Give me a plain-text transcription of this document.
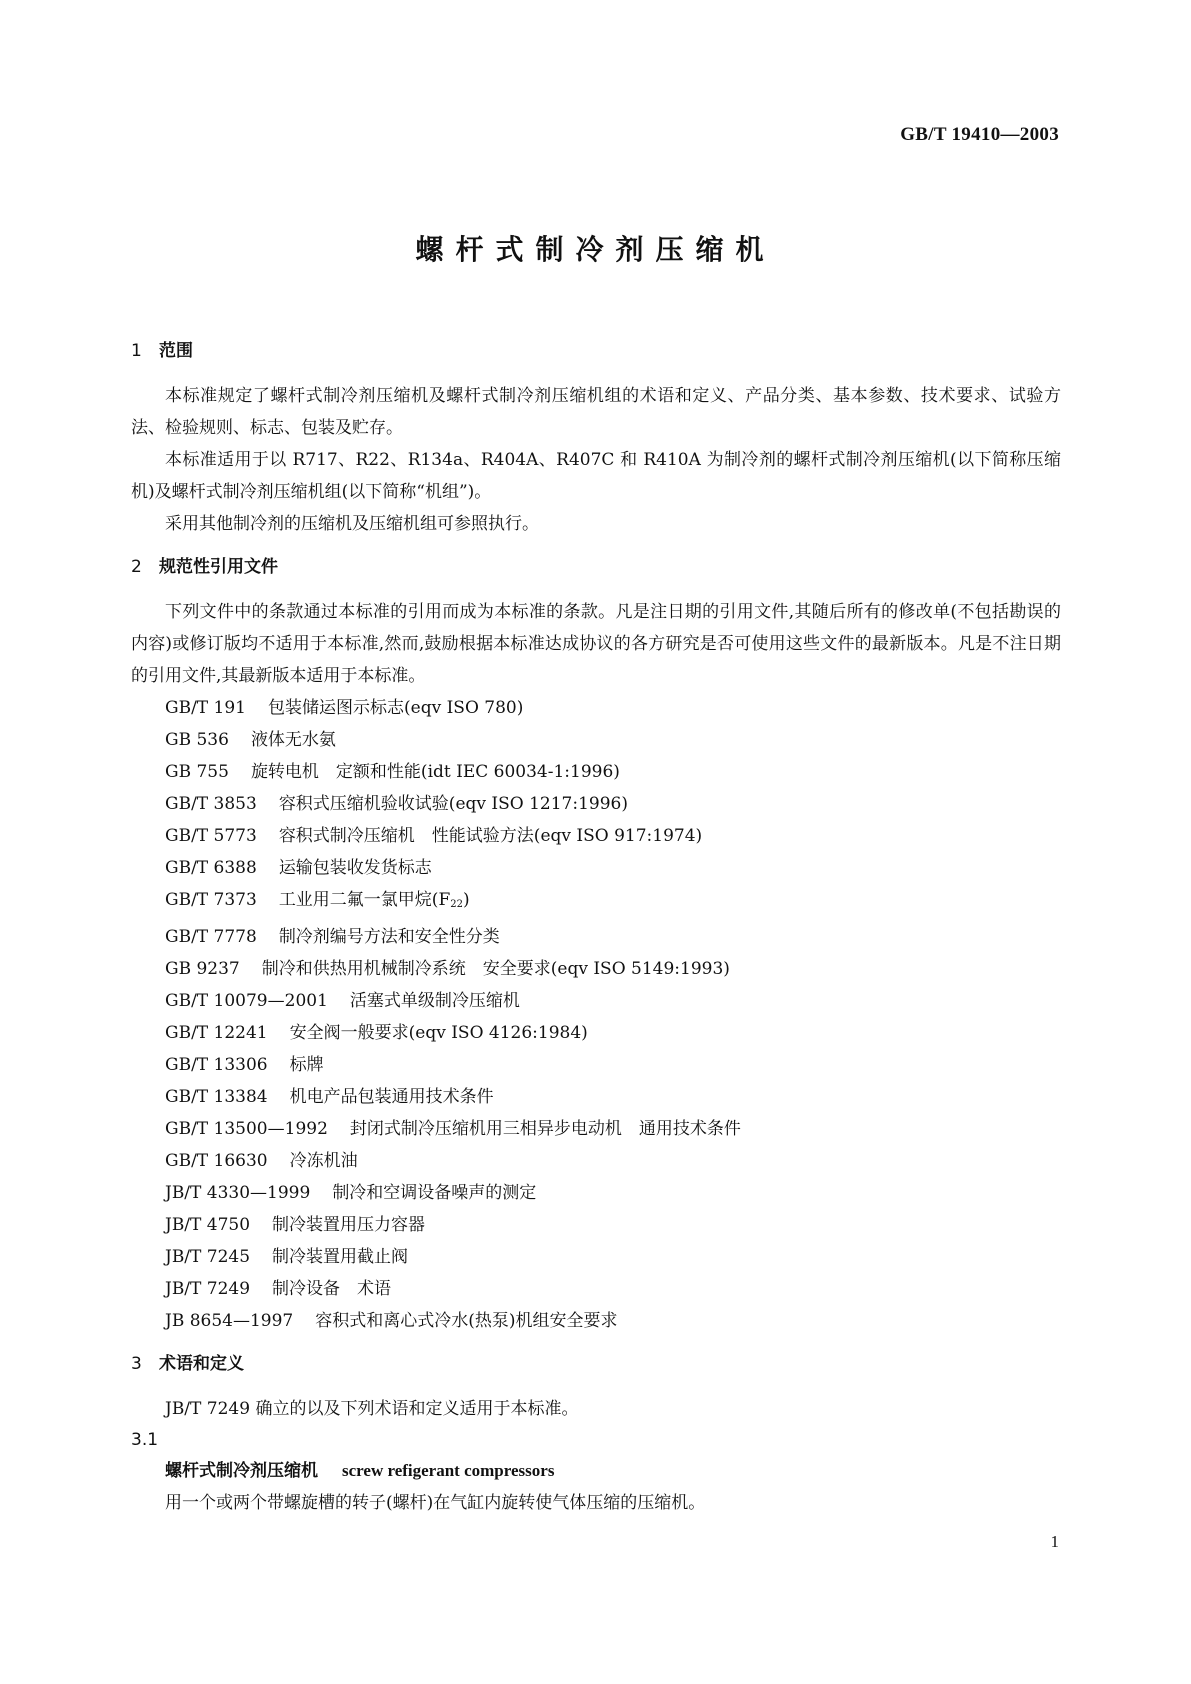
GB/T 19410—2003
螺杆式制冷剂压缩机
1 范围
本标准规定了螺杆式制冷剂压缩机及螺杆式制冷剂压缩机组的术语和定义、产品分类、基本参数、技术要求、试验方法、检验规则、标志、包装及贮存。
本标准适用于以 R717、R22、R134a、R404A、R407C 和 R410A 为制冷剂的螺杆式制冷剂压缩机(以下简称压缩机)及螺杆式制冷剂压缩机组(以下简称“机组”)。
采用其他制冷剂的压缩机及压缩机组可参照执行。
2 规范性引用文件
下列文件中的条款通过本标准的引用而成为本标准的条款。凡是注日期的引用文件,其随后所有的修改单(不包括勘误的内容)或修订版均不适用于本标准,然而,鼓励根据本标准达成协议的各方研究是否可使用这些文件的最新版本。凡是不注日期的引用文件,其最新版本适用于本标准。
GB/T 191 包装储运图示标志(eqv ISO 780)
GB 536 液体无水氨
GB 755 旋转电机　定额和性能(idt IEC 60034-1:1996)
GB/T 3853 容积式压缩机验收试验(eqv ISO 1217:1996)
GB/T 5773 容积式制冷压缩机　性能试验方法(eqv ISO 917:1974)
GB/T 6388 运输包装收发货标志
GB/T 7373 工业用二氟一氯甲烷$(F_{22})$
GB/T 7778 制冷剂编号方法和安全性分类
GB 9237 制冷和供热用机械制冷系统　安全要求(eqv ISO 5149:1993)
GB/T 10079—2001 活塞式单级制冷压缩机
GB/T 12241 安全阀一般要求(eqv ISO 4126:1984)
GB/T 13306 标牌
GB/T 13384 机电产品包装通用技术条件
GB/T 13500—1992 封闭式制冷压缩机用三相异步电动机　通用技术条件
GB/T 16630 冷冻机油
JB/T 4330—1999 制冷和空调设备噪声的测定
JB/T 4750 制冷装置用压力容器
JB/T 7245 制冷装置用截止阀
JB/T 7249 制冷设备　术语
JB 8654—1997 容积式和离心式冷水(热泵)机组安全要求
3 术语和定义
JB/T 7249 确立的以及下列术语和定义适用于本标准。
3.1
螺杆式制冷剂压缩机 screw refigerant compressors
用一个或两个带螺旋槽的转子(螺杆)在气缸内旋转使气体压缩的压缩机。
1
